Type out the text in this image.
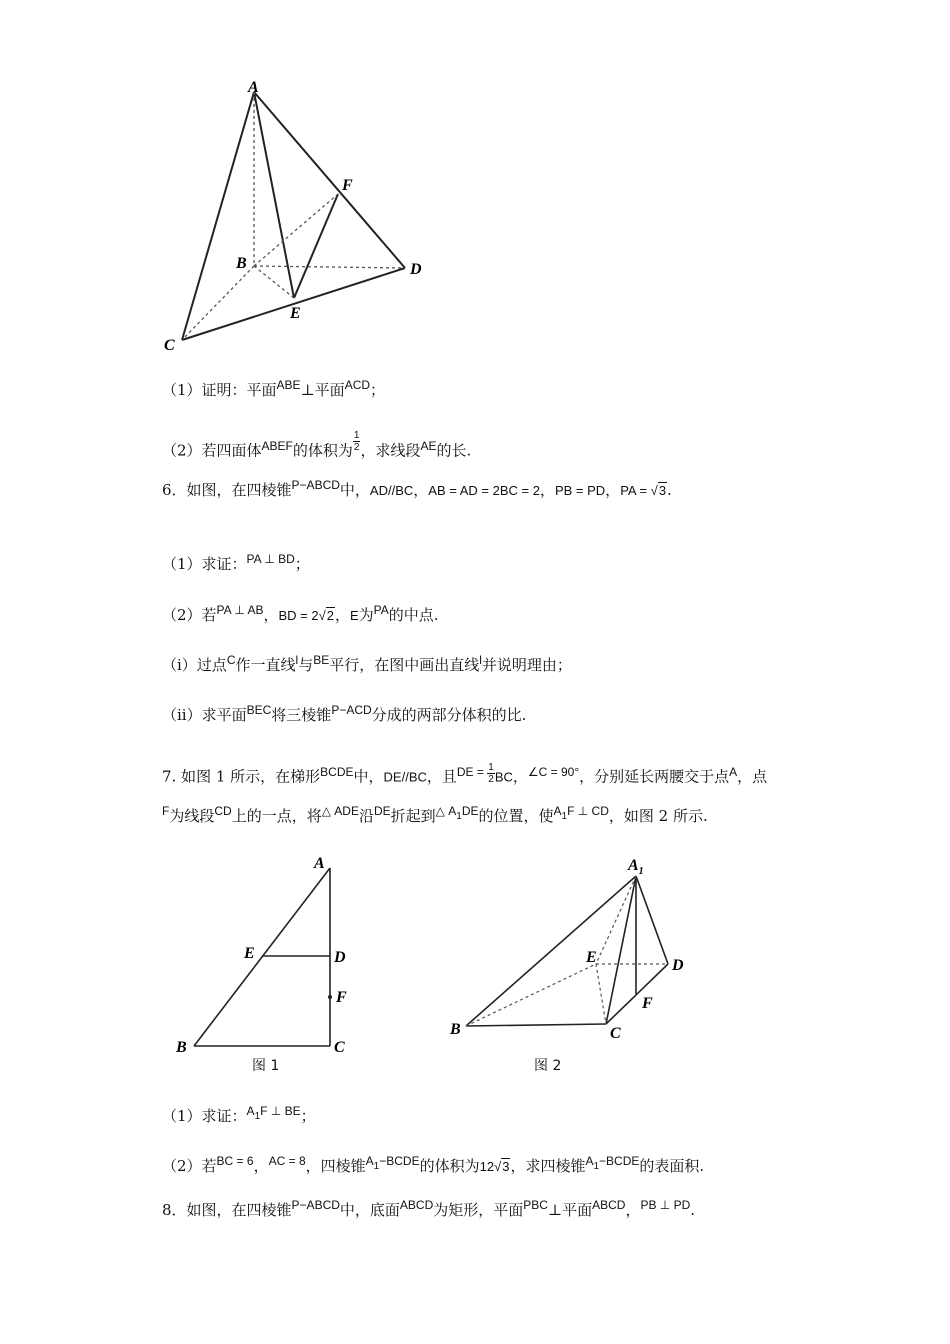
A
B
C
D
E
F
（1）证明：平面$^{ABE}$⊥平面$^{ACD}$；
（2）若四面体$^{ABEF}$的体积为 $\frac{1}{2}$ ，求线段$^{AE}$的长.
6．如图，在四棱锥$^{P-ABCD}$中，AD//BC，AB = AD = 2BC = 2，PB = PD，PA = √3.
（1）求证：$^{PA \perp BD}$；
（2）若$^{PA \perp AB}$，BD = 2√2，E为$^{PA}$的中点.
（i）过点$^C$作一直线$^l$与$^{BE}$平行，在图中画出直线$^l$并说明理由；
（ii）求平面$^{BEC}$将三棱锥$^{P-ACD}$分成的两部分体积的比.
7. 如图 1 所示，在梯形$^{BCDE}$中，DE//BC，且$^{DE =} \frac{1}{2}$ BC，$^{\angle C = 90^\circ}$，分别延长两腰交于点$^A$，点
$^F$为线段$^{CD}$上的一点，将$^{\triangle ADE}$沿$^{DE}$折起到$^{\triangle A_1DE}$的位置，使$^{A_1F \perp CD}$，如图 2 所示.
A
E	D
F
B	C
图 1
$A_1$
E	D
F
B	C
图 2
（1）求证：$^{A_1F \perp BE}$；
（2）若$^{BC = 6}$，$^{AC = 8}$，四棱锥$^{A_1-BCDE}$的体积为12√3，求四棱锥$^{A_1-BCDE}$的表面积.
8．如图，在四棱锥$^{P-ABCD}$中，底面$^{ABCD}$为矩形，平面$^{PBC}$⊥平面$^{ABCD}$，$^{PB \perp PD}$.
